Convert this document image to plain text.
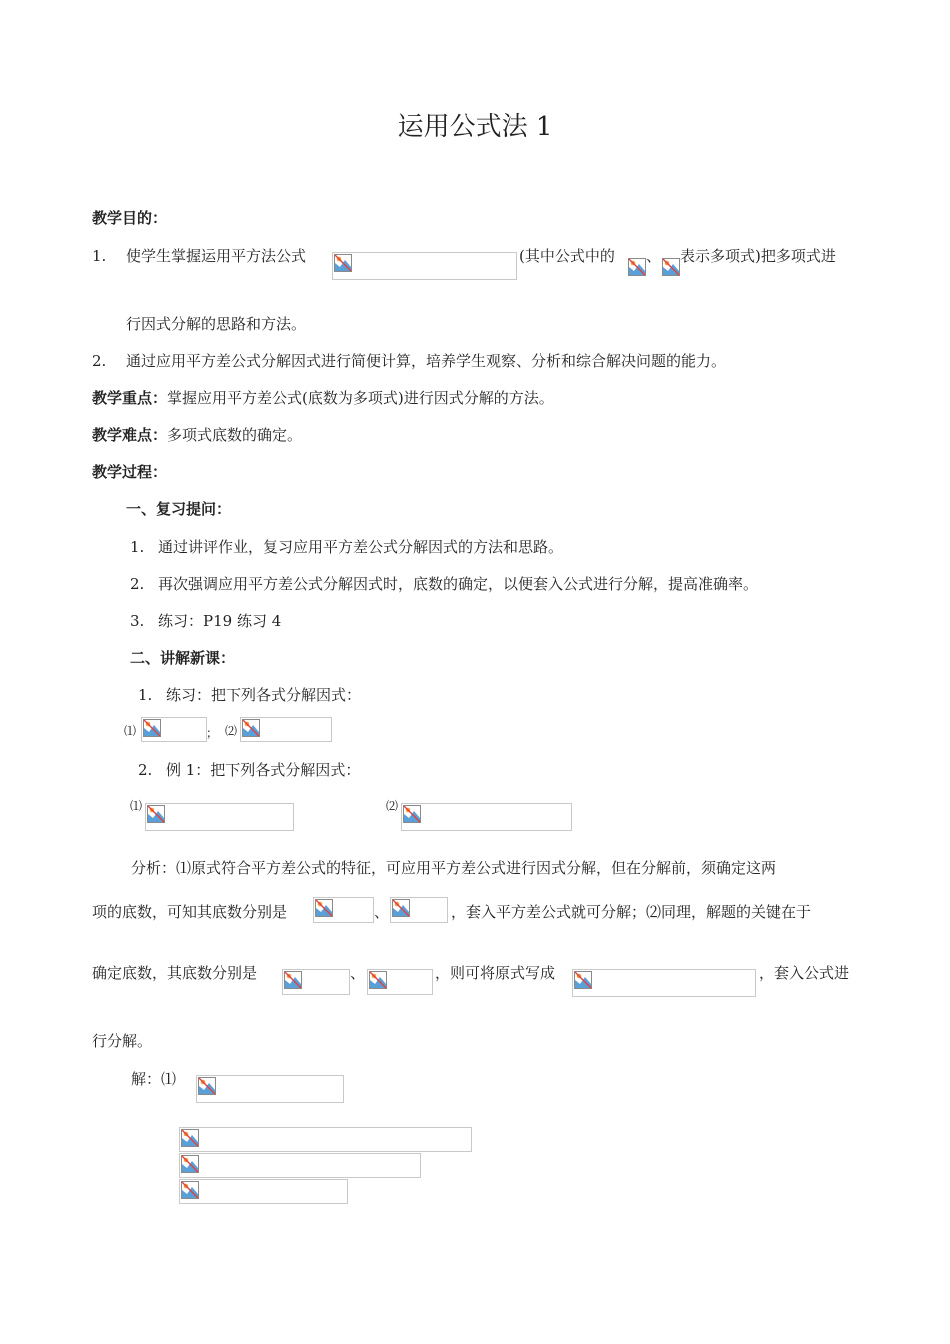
运用公式法 1
教学目的：
1. 使学生掌握运用平方法公式	(其中公式中的 、 表示多项式)把多项式进
行因式分解的思路和方法。
2. 通过应用平方差公式分解因式进行简便计算，培养学生观察、分析和综合解决问题的能力。
教学重点：掌握应用平方差公式(底数为多项式)进行因式分解的方法。
教学难点：多项式底数的确定。
教学过程：
一、复习提问：
1. 通过讲评作业，复习应用平方差公式分解因式的方法和思路。
2. 再次强调应用平方差公式分解因式时，底数的确定，以便套入公式进行分解，提高准确率。
3. 练习：P19 练习 4
二、讲解新课：
1. 练习：把下列各式分解因式：
⑴	； ⑵
2. 例 1：把下列各式分解因式：
⑴	⑵
分析：⑴原式符合平方差公式的特征，可应用平方差公式进行因式分解，但在分解前，须确定这两
项的底数，可知其底数分别是	、	，套入平方差公式就可分解；⑵同理，解题的关键在于
确定底数，其底数分别是	、	，则可将原式写成	，套入公式进
行分解。
解：⑴
